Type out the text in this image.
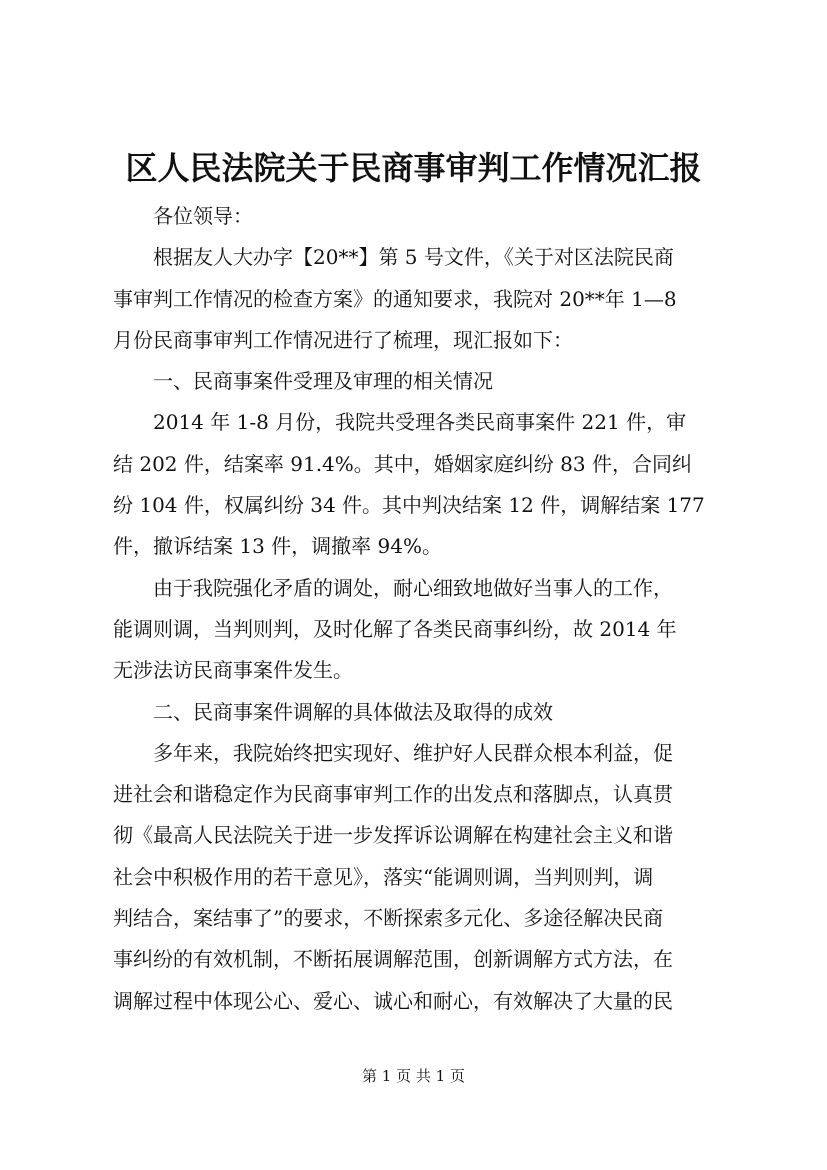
区人民法院关于民商事审判工作情况汇报
各位领导：
根据友人大办字【20**】第 5 号文件，《关于对区法院民商
事审判工作情况的检查方案》的通知要求，我院对 20**年 1—8
月份民商事审判工作情况进行了梳理，现汇报如下：
一、民商事案件受理及审理的相关情况
2014 年 1-8 月份，我院共受理各类民商事案件 221 件，审
结 202 件，结案率 91.4%。其中，婚姻家庭纠纷 83 件，合同纠
纷 104 件，权属纠纷 34 件。其中判决结案 12 件，调解结案 177
件，撤诉结案 13 件，调撤率 94%。
由于我院强化矛盾的调处，耐心细致地做好当事人的工作，
能调则调，当判则判，及时化解了各类民商事纠纷，故 2014 年
无涉法访民商事案件发生。
二、民商事案件调解的具体做法及取得的成效
多年来，我院始终把实现好、维护好人民群众根本利益，促
进社会和谐稳定作为民商事审判工作的出发点和落脚点，认真贯
彻《最高人民法院关于进一步发挥诉讼调解在构建社会主义和谐
社会中积极作用的若干意见》，落实“能调则调，当判则判，调
判结合，案结事了”的要求，不断探索多元化、多途径解决民商
事纠纷的有效机制，不断拓展调解范围，创新调解方式方法，在
调解过程中体现公心、爱心、诚心和耐心，有效解决了大量的民
第 1 页 共 1 页
